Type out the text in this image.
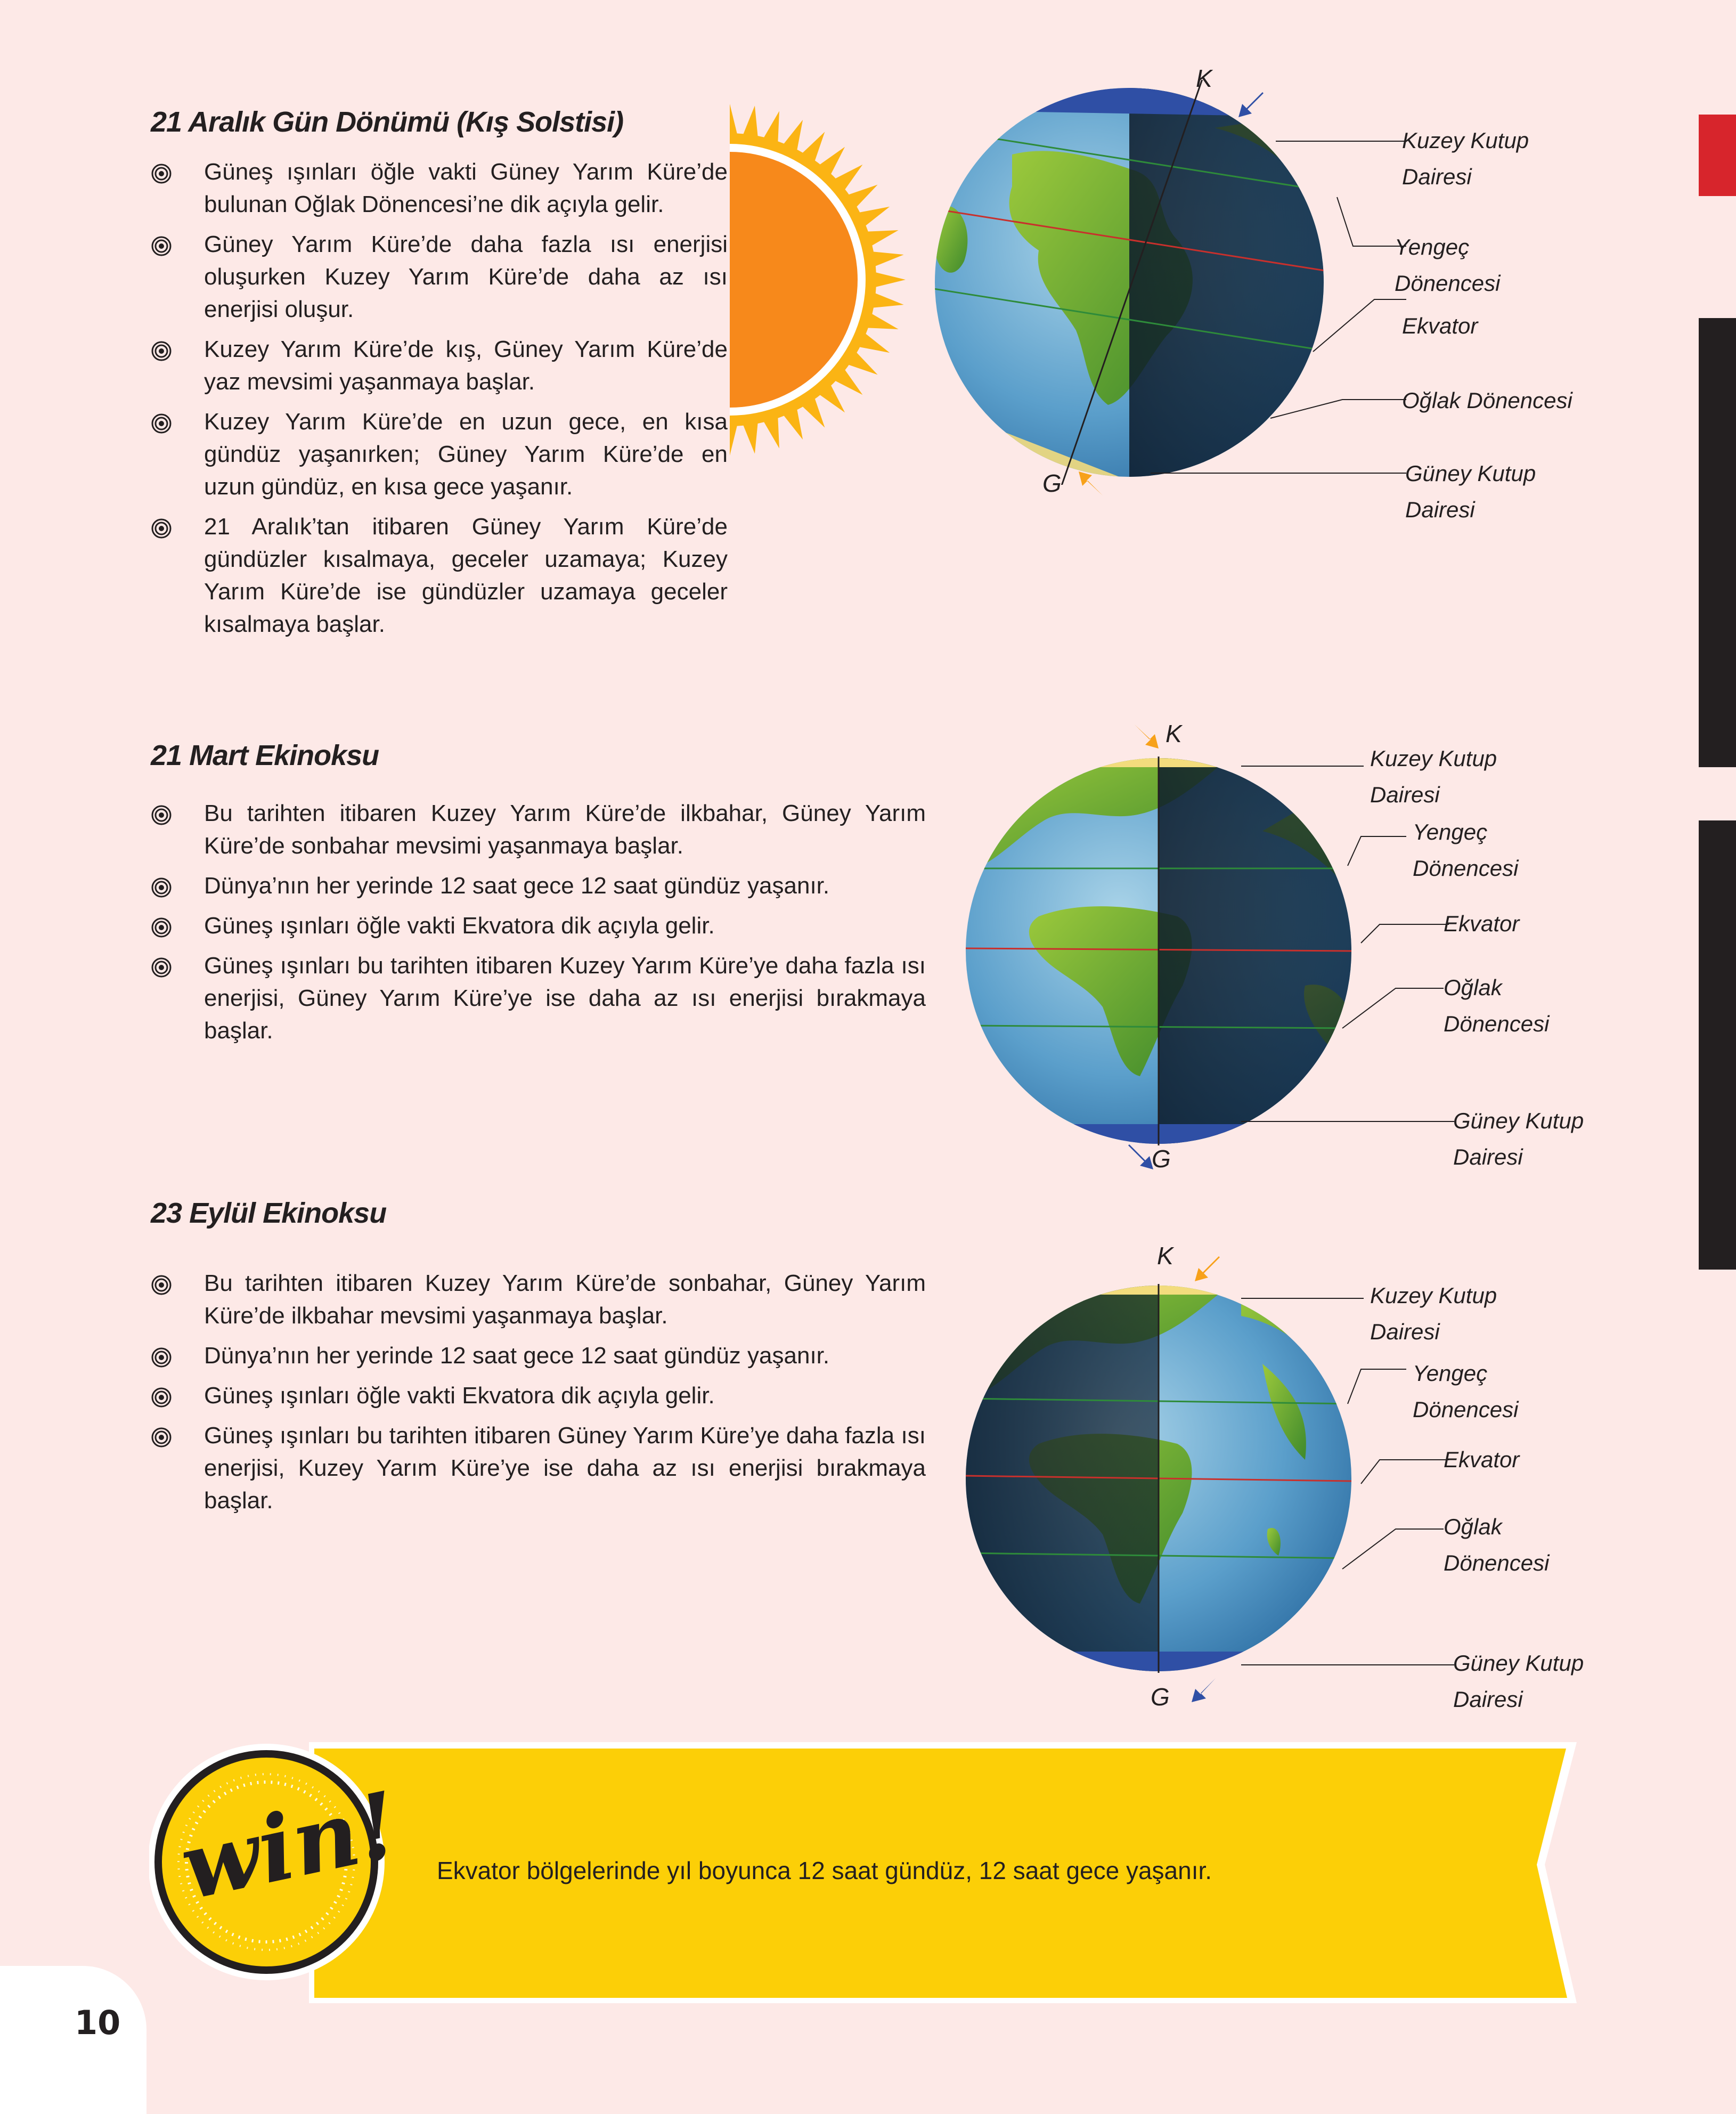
21 Aralık Gün Dönümü (Kış Solstisi)
Güneş ışınları öğle vakti Güney Yarım Küre’de bulunan Oğlak Dönencesi’ne dik açıyla gelir.
Güney Yarım Küre’de daha fazla ısı enerjisi oluşurken Kuzey Yarım Küre’de daha az ısı enerjisi oluşur.
Kuzey Yarım Küre’de kış, Güney Yarım Küre’de yaz mevsimi yaşanmaya başlar.
Kuzey Yarım Küre’de en uzun gece, en kısa gündüz yaşanırken; Güney Yarım Küre’de en uzun gündüz, en kısa gece yaşanır.
21 Aralık’tan itibaren Güney Yarım Küre’de gündüzler kısalmaya, geceler uzamaya; Kuzey Yarım Küre’de ise gündüzler uzamaya geceler kısalmaya başlar.
K
G
Kuzey Kutup Dairesi
Yengeç Dönencesi
Ekvator
Oğlak Dönencesi
Güney Kutup Dairesi
21 Mart Ekinoksu
Bu tarihten itibaren Kuzey Yarım Küre’de ilkbahar, Güney Yarım Küre’de sonbahar mevsimi yaşanmaya başlar.
Dünya’nın her yerinde 12 saat gece 12 saat gündüz yaşanır.
Güneş ışınları öğle vakti Ekvatora dik açıyla gelir.
Güneş ışınları bu tarihten itibaren Kuzey Yarım Küre’ye daha fazla ısı enerjisi, Güney Yarım Küre’ye ise daha az ısı enerjisi bırakmaya başlar.
K
G
Kuzey Kutup Dairesi
Yengeç Dönencesi
Ekvator
Oğlak Dönencesi
Güney Kutup Dairesi
23 Eylül Ekinoksu
Bu tarihten itibaren Kuzey Yarım Küre’de sonbahar, Güney Yarım Küre’de ilkbahar mevsimi yaşanmaya başlar.
Dünya’nın her yerinde 12 saat gece 12 saat gündüz yaşanır.
Güneş ışınları öğle vakti Ekvatora dik açıyla gelir.
Güneş ışınları bu tarihten itibaren Güney Yarım Küre’ye daha fazla ısı enerjisi, Kuzey Yarım Küre’ye ise daha az ısı enerjisi bırakmaya başlar.
K
G
Kuzey Kutup Dairesi
Yengeç Dönencesi
Ekvator
Oğlak Dönencesi
Güney Kutup Dairesi
win! Ekvator bölgelerinde yıl boyunca 12 saat gündüz, 12 saat gece yaşanır.
10
